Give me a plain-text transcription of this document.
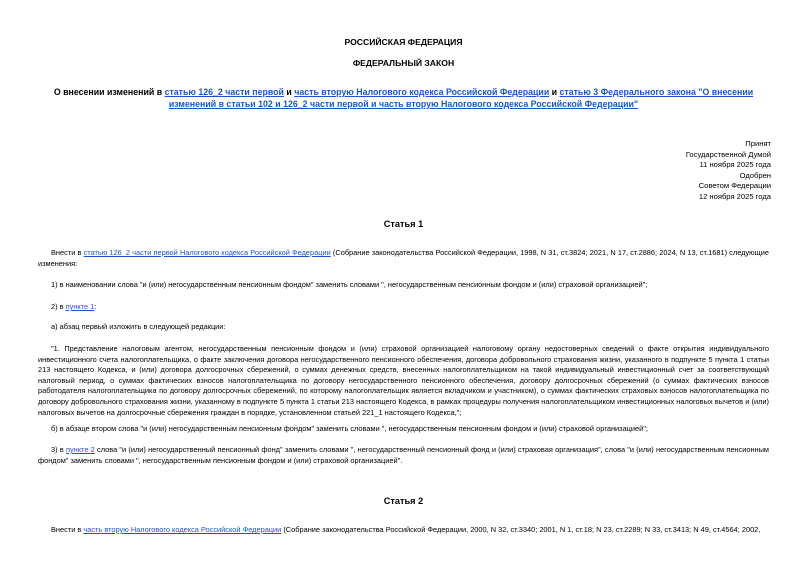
РОССИЙСКАЯ ФЕДЕРАЦИЯ
ФЕДЕРАЛЬНЫЙ ЗАКОН
О внесении изменений в статью 126_2 части первой и часть вторую Налогового кодекса Российской Федерации и статью 3 Федерального закона "О внесении изменений в статьи 102 и 126_2 части первой и часть вторую Налогового кодекса Российской Федерации"
Принят
Государственной Думой
11 ноября 2025 года
Одобрен
Советом Федерации
12 ноября 2025 года
Статья 1
Внести в статью 126_2 части первой Налогового кодекса Российской Федерации (Собрание законодательства Российской Федерации, 1998, N 31, ст.3824; 2021, N 17, ст.2886; 2024, N 13, ст.1681) следующие изменения:
1) в наименовании слова "и (или) негосударственным пенсионным фондом" заменить словами ", негосударственным пенсионным фондом и (или) страховой организацией";
2) в пункте 1:
а) абзац первый изложить в следующей редакции:
"1. Представление налоговым агентом, негосударственным пенсионным фондом и (или) страховой организацией налоговому органу недостоверных сведений о факте открытия индивидуального инвестиционного счета налогоплательщика, о факте заключения договора негосударственного пенсионного обеспечения, договора добровольного страхования жизни, указанного в подпункте 5 пункта 1 статьи 213 настоящего Кодекса, и (или) договора долгосрочных сбережений, о суммах денежных средств, внесенных налогоплательщиком на такой индивидуальный инвестиционный счет за соответствующий налоговый период, о суммах фактических взносов налогоплательщика по договору негосударственного пенсионного обеспечения, договору долгосрочных сбережений (о суммах фактических взносов работодателя налогоплательщика по договору долгосрочных сбережений, по которому налогоплательщик является вкладчиком и участником), о суммах фактических страховых взносов налогоплательщика по договору добровольного страхования жизни, указанному в подпункте 5 пункта 1 статьи 213 настоящего Кодекса, в рамках процедуры получения налогоплательщиком инвестиционных налоговых вычетов и (или) налоговых вычетов на долгосрочные сбережения граждан в порядке, установленном статьей 221_1 настоящего Кодекса,";
б) в абзаце втором слова "и (или) негосударственным пенсионным фондом" заменить словами ", негосударственным пенсионным фондом и (или) страховой организацией";
3) в пункте 2 слова "и (или) негосударственный пенсионный фонд" заменить словами ", негосударственный пенсионный фонд и (или) страховая организация", слова "и (или) негосударственным пенсионным фондом" заменить словами ", негосударственным пенсионным фондом и (или) страховой организацией".
Статья 2
Внести в часть вторую Налогового кодекса Российской Федерации (Собрание законодательства Российской Федерации, 2000, N 32, ст.3340; 2001, N 1, ст.18; N 23, ст.2289; N 33, ст.3413; N 49, ст.4564; 2002,
